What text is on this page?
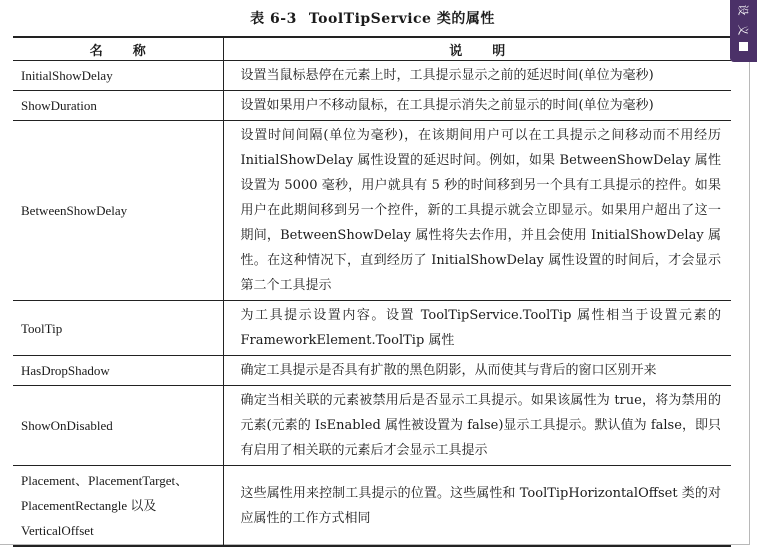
表 6-3 ToolTipService 类的属性
名称	说明
InitialShowDelay	设置当鼠标悬停在元素上时，工具提示显示之前的延迟时间(单位为毫秒)
ShowDuration	设置如果用户不移动鼠标，在工具提示消失之前显示的时间(单位为毫秒)
BetweenShowDelay	设置时间间隔(单位为毫秒)，在该期间用户可以在工具提示之间移动而不用经历 InitialShowDelay 属性设置的延迟时间。例如，如果 BetweenShowDelay 属性设置为 5000 毫秒，用户就具有 5 秒的时间移到另一个具有工具提示的控件。如果用户在此期间移到另一个控件，新的工具提示就会立即显示。如果用户超出了这一期间，BetweenShowDelay 属性将失去作用，并且会使用 InitialShowDelay 属性。在这种情况下，直到经历了 InitialShowDelay 属性设置的时间后，才会显示第二个工具提示
ToolTip	为工具提示设置内容。设置 ToolTipService.ToolTip 属性相当于设置元素的 FrameworkElement.ToolTip 属性
HasDropShadow	确定工具提示是否具有扩散的黑色阴影，从而使其与背后的窗口区别开来
ShowOnDisabled	确定当相关联的元素被禁用后是否显示工具提示。如果该属性为 true，将为禁用的元素(元素的 IsEnabled 属性被设置为 false)显示工具提示。默认值为 false，即只有启用了相关联的元素后才会显示工具提示
Placement、PlacementTarget、PlacementRectangle 以及 VerticalOffset	这些属性用来控制工具提示的位置。这些属性和 ToolTipHorizontalOffset 类的对应属性的工作方式相同
设
义
